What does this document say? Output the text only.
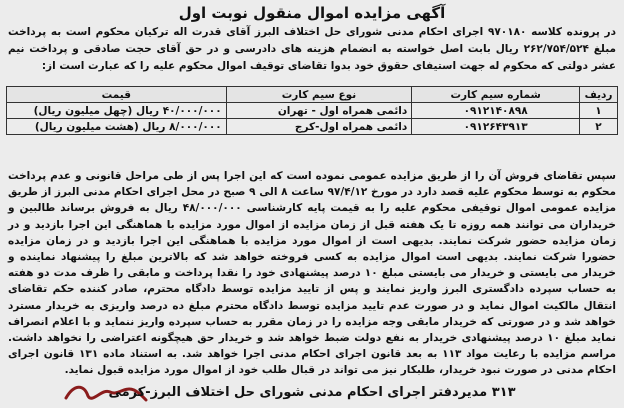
آگهی مزایده اموال منقول نوبت اول
در پرونده کلاسه ۹۷۰۱۸۰ اجرای احکام مدنی شورای حل اختلاف البرز آقای قدرت اله ترکیان محکوم است به پرداخت مبلغ ۲۶۲/۷۵۴/۵۲۴ ریال بابت اصل خواسته به انضمام هزینه های دادرسی و در حق آقای حجت صادقی و پرداخت نیم عشر دولتی که محکوم له جهت استیفای حقوق خود بدوا تقاضای توقیف اموال محکوم علیه را که عبارت است از:
ردیف	شماره سیم کارت	نوع سیم کارت	قیمت
۱	۰۹۱۲۱۴۰۸۹۸	دائمی همراه اول - تهران	۴۰/۰۰۰/۰۰۰ ریال (چهل میلیون ریال)
۲	۰۹۱۲۶۴۳۹۱۳	دائمی همراه اول-کرج	۸/۰۰۰/۰۰۰ ریال (هشت میلیون ریال)
سپس تقاضای فروش آن را از طریق مزایده عمومی نموده است که این اجرا پس از طی مراحل قانونی و عدم پرداخت محکوم به توسط محکوم علیه قصد دارد در مورخ ۹۷/۴/۱۲ ساعت ۸ الی ۹ صبح در محل اجرای احکام مدنی البرز از طریق مزایده عمومی اموال توقیفی محکوم علیه را به قیمت پایه کارشناسی ۴۸/۰۰۰/۰۰۰ ریال به فروش برساند طالبین و خریداران می توانند همه روزه تا یک هفته قبل از زمان مزایده از اموال مورد مزایده با هماهنگی این اجرا بازدید و در زمان مزایده حضور شرکت نمایند. بدیهی است از اموال مورد مزایده با هماهنگی این اجرا بازدید و در زمان مزایده حضورا شرکت نمایند. بدیهی است اموال مزایده به کسی فروخته خواهد شد که بالاترین مبلغ را پیشنهاد نماینده و خریدار می بایستی و خریدار می بایستی مبلغ ۱۰ درصد پیشنهادی خود را نقدا پرداخت و مابقی را ظرف مدت دو هفته به حساب سپرده دادگستری البرز واریز نمایند و پس از تایید مزایده توسط دادگاه محترم، صادر کننده حکم تقاضای انتقال مالکیت اموال نماید و در صورت عدم تایید مزایده توسط دادگاه محترم مبلغ ده درصد واریزی به خریدار مسترد خواهد شد و در صورتی که خریدار مابقی وجه مزایده را در زمان مقرر به حساب سپرده واریز ننماید و با اعلام انصراف نماید مبلغ ۱۰ درصد پیشنهادی خریدار به نفع دولت ضبط خواهد شد و خریدار حق هیچگونه اعتراضی را نخواهد داشت. مراسم مزایده با رعایت مواد ۱۱۳ به بعد قانون اجرای احکام مدنی اجرا خواهد شد. به استناد ماده ۱۳۱ قانون اجرای احکام مدنی در صورت نبود خریدار، طلبکار نیز می تواند در قبال طلب خود از اموال مورد مزایده قبول نماید.
۳۱۳ مدیردفتر اجرای احکام مدنی شورای حل اختلاف البرز-کرمی
